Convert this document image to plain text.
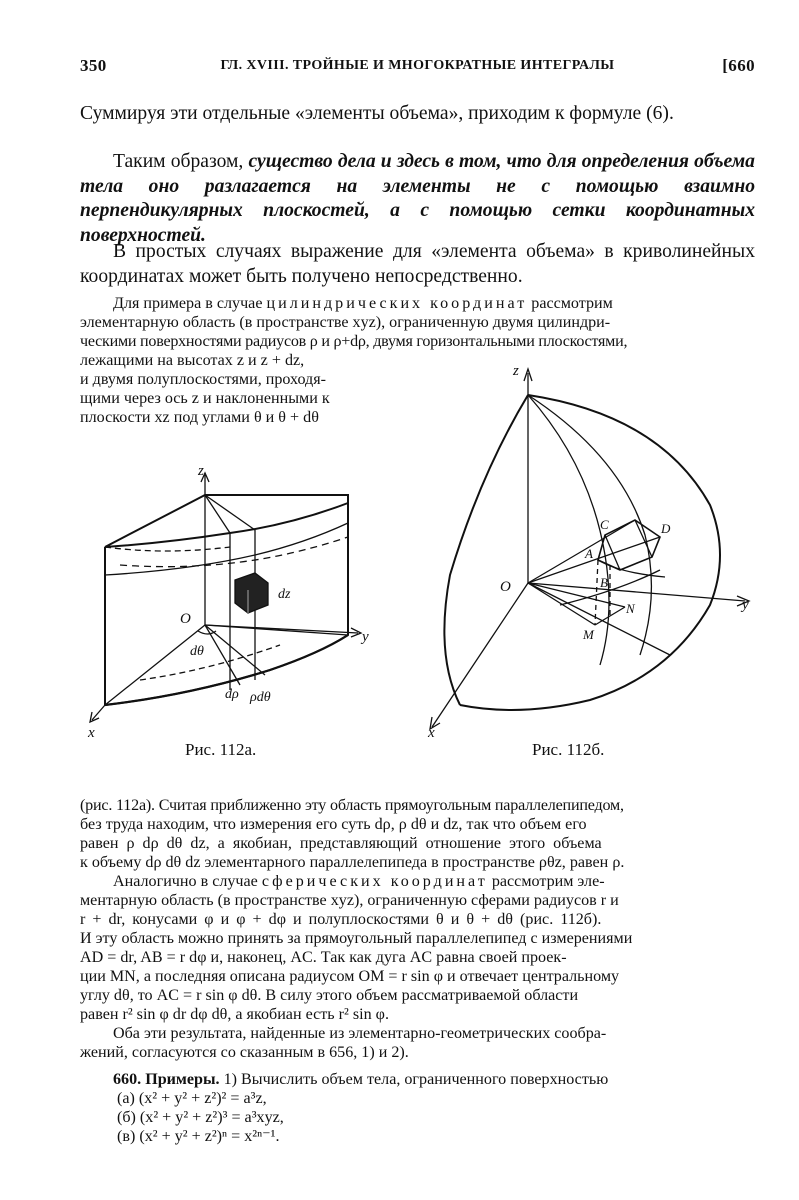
350	ГЛ. XVIII. ТРОЙНЫЕ И МНОГОКРАТНЫЕ ИНТЕГРАЛЫ	[660

Суммируя эти отдельные «элементы объема», приходим к формуле (6).

Таким образом, существо дела и здесь в том, что для определения объема тела оно разлагается на элементы не с помощью взаимно перпендикулярных плоскостей, а с помощью сетки координатных поверхностей.

В простых случаях выражение для «элемента объема» в криволинейных координатах может быть получено непосредственно.

Для примера в случае цилиндрических координат рассмотрим
элементарную область (в пространстве xyz), ограниченную двумя цилиндри-
ческими поверхностями радиусов ρ и ρ+dρ, двумя горизонтальными плоскостями,
лежащими на высотах z и z + dz,
и двумя полуплоскостями, проходя-
щими через ось z и наклоненными к
плоскости xz под углами θ и θ + dθ
z
O
dz
dθ
dρ ρdθ
y
x
Рис. 112а.
z
O
C	D
A
B
N
M
y
x
Рис. 112б.
(рис. 112а). Считая приближенно эту область прямоугольным параллелепипедом,
без труда находим, что измерения его суть dρ, ρ dθ и dz, так что объем его
равен ρ dρ dθ dz, а якобиан, представляющий отношение этого объема
к объему dρ dθ dz элементарного параллелепипеда в пространстве ρθz, равен ρ.
Аналогично в случае сферических координат рассмотрим эле-
ментарную область (в пространстве xyz), ограниченную сферами радиусов r и
r + dr, конусами φ и φ + dφ и полуплоскостями θ и θ + dθ (рис. 112б).
И эту область можно принять за прямоугольный параллелепипед с измерениями
AD = dr, AB = r dφ и, наконец, AC. Так как дуга AC равна своей проек-
ции MN, а последняя описана радиусом OM = r sin φ и отвечает центральному
углу dθ, то AC = r sin φ dθ. В силу этого объем рассматриваемой области
равен r² sin φ dr dφ dθ, а якобиан есть r² sin φ.
Оба эти результата, найденные из элементарно-геометрических сообра-
жений, согласуются со сказанным в 656, 1) и 2).
660. Примеры. 1) Вычислить объем тела, ограниченного поверхностью
(а) (x² + y² + z²)² = a³z,
(б) (x² + y² + z²)³ = a³xyz,
(в) (x² + y² + z²)ⁿ = x²ⁿ⁻¹.
